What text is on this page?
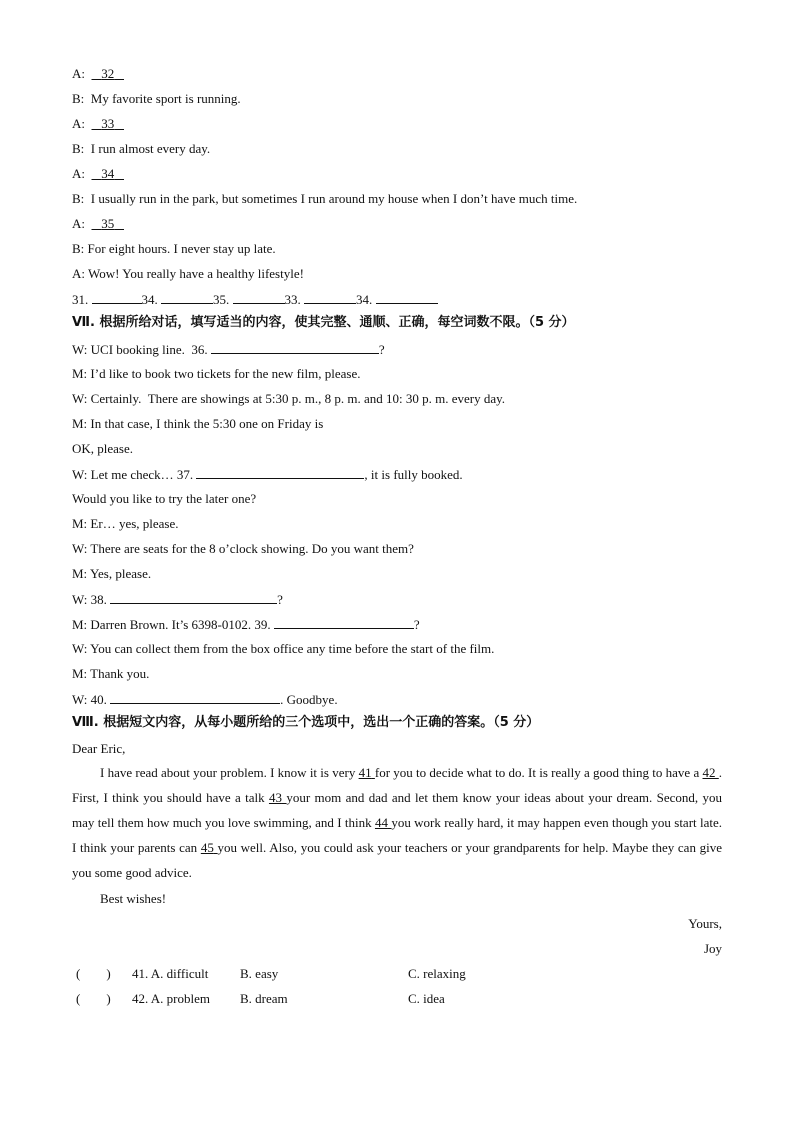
A: 32
B: My favorite sport is running.
A: 33
B: I run almost every day.
A: 34
B: I usually run in the park, but sometimes I run around my house when I don’t have much time.
A: 35
B: For eight hours. I never stay up late.
A: Wow! You really have a healthy lifestyle!
31.	34.	35.	33.	34.
Ⅶ. 根据所给对话，填写适当的内容，使其完整、通顺、正确，每空词数不限。（5 分）
W: UCI booking line.  36.	?
M: I’d like to book two tickets for the new film, please.
W: Certainly.  There are showings at 5:30 p. m., 8 p. m. and 10: 30 p. m. every day.
M: In that case, I think the 5:30 one on Friday is
OK, please.
W: Let me check… 37.	, it is fully booked.
Would you like to try the later one?
M: Er… yes, please.
W: There are seats for the 8 o’clock showing. Do you want them?
M: Yes, please.
W: 38.	?
M: Darren Brown. It’s 6398-0102. 39.	?
W: You can collect them from the box office any time before the start of the film.
M: Thank you.
W: 40.	. Goodbye.
Ⅷ. 根据短文内容，从每小题所给的三个选项中，选出一个正确的答案。（5 分）
Dear Eric,
I have read about your problem. I know it is very 41 for you to decide what to do. It is really a good thing to have a 42 . First, I think you should have a talk 43 your mom and dad and let them know your ideas about your dream. Second, you may tell them how much you love swimming, and I think 44 you work really hard, it may happen even though you start late. I think your parents can 45 you well. Also, you could ask your teachers or your grandparents for help. Maybe they can give you some good advice.
Best wishes!
Yours,
Joy
(        ) 41. A. difficult B. easy	C. relaxing
(        ) 42. A. problem B. dream	C. idea
